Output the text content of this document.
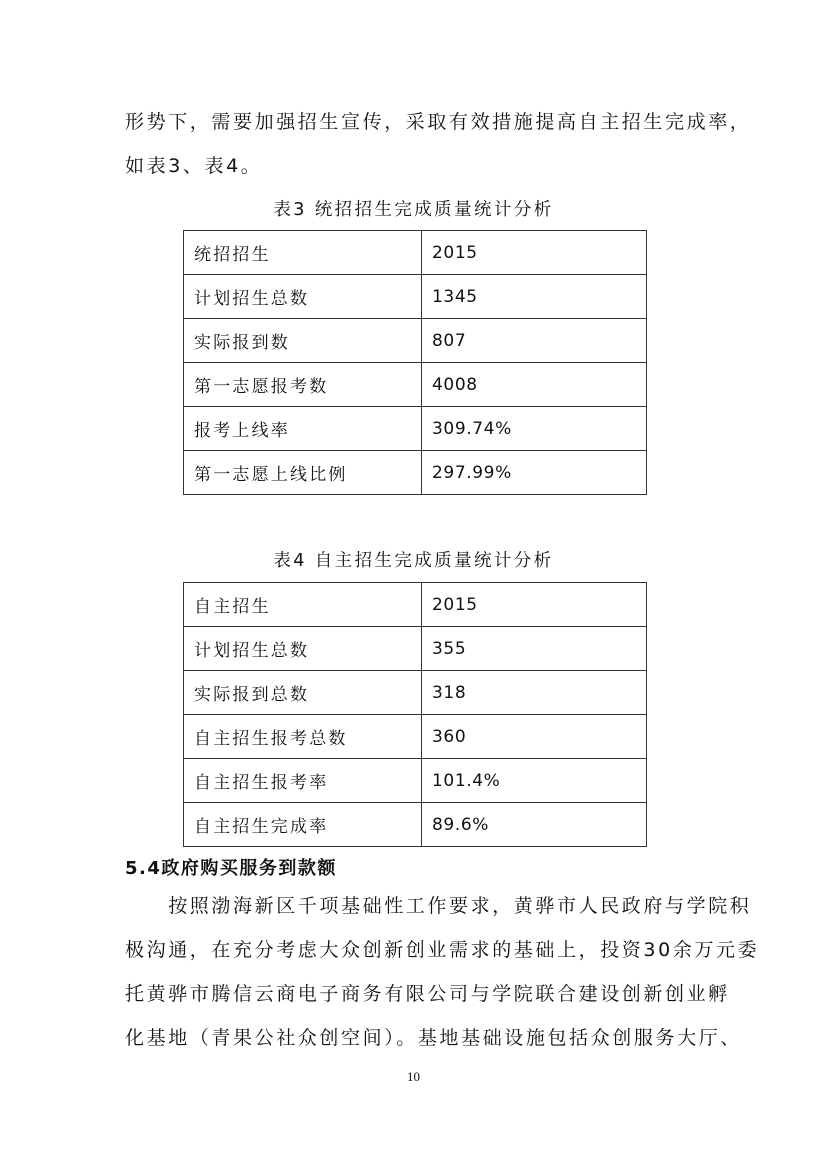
形势下，需要加强招生宣传，采取有效措施提高自主招生完成率，
如表3、表4。
表3 统招招生完成质量统计分析
统招招生	2015
计划招生总数	1345
实际报到数	807
第一志愿报考数	4008
报考上线率	309.74%
第一志愿上线比例	297.99%
表4 自主招生完成质量统计分析
自主招生	2015
计划招生总数	355
实际报到总数	318
自主招生报考总数	360
自主招生报考率	101.4%
自主招生完成率	89.6%
5.4政府购买服务到款额
　　按照渤海新区千项基础性工作要求，黄骅市人民政府与学院积
极沟通，在充分考虑大众创新创业需求的基础上，投资30余万元委
托黄骅市腾信云商电子商务有限公司与学院联合建设创新创业孵
化基地（青果公社众创空间）。基地基础设施包括众创服务大厅、
10
